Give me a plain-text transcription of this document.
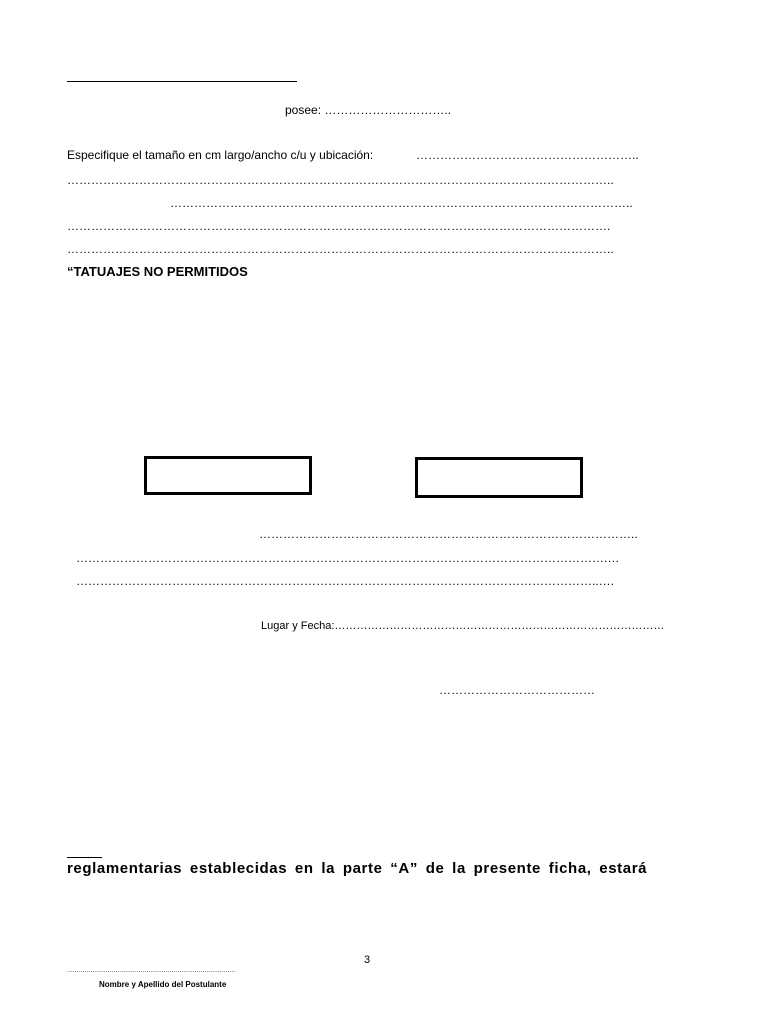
posee: …………………………..
Especifique el tamaño en cm largo/ancho c/u y ubicación:	………………………………………………..
………………………………………………………………………………………………………………………..
……………………………………………………………………………………………………..
……………………………………………………………………………………………………………………….
………………………………………………………………………………………………………………………..
“TATUAJES NO PERMITIDOS
…………………………………………………………………………………..
…………………………………………………………………………………………………………………….…
…………………………………………………………………………………………………………………..….
Lugar y Fecha:………………………………………………………………………………
…………………………………
reglamentarias establecidas en la parte “A” de la presente ficha, estará
3
……………………………………………………………………………
Nombre y Apellido del Postulante
